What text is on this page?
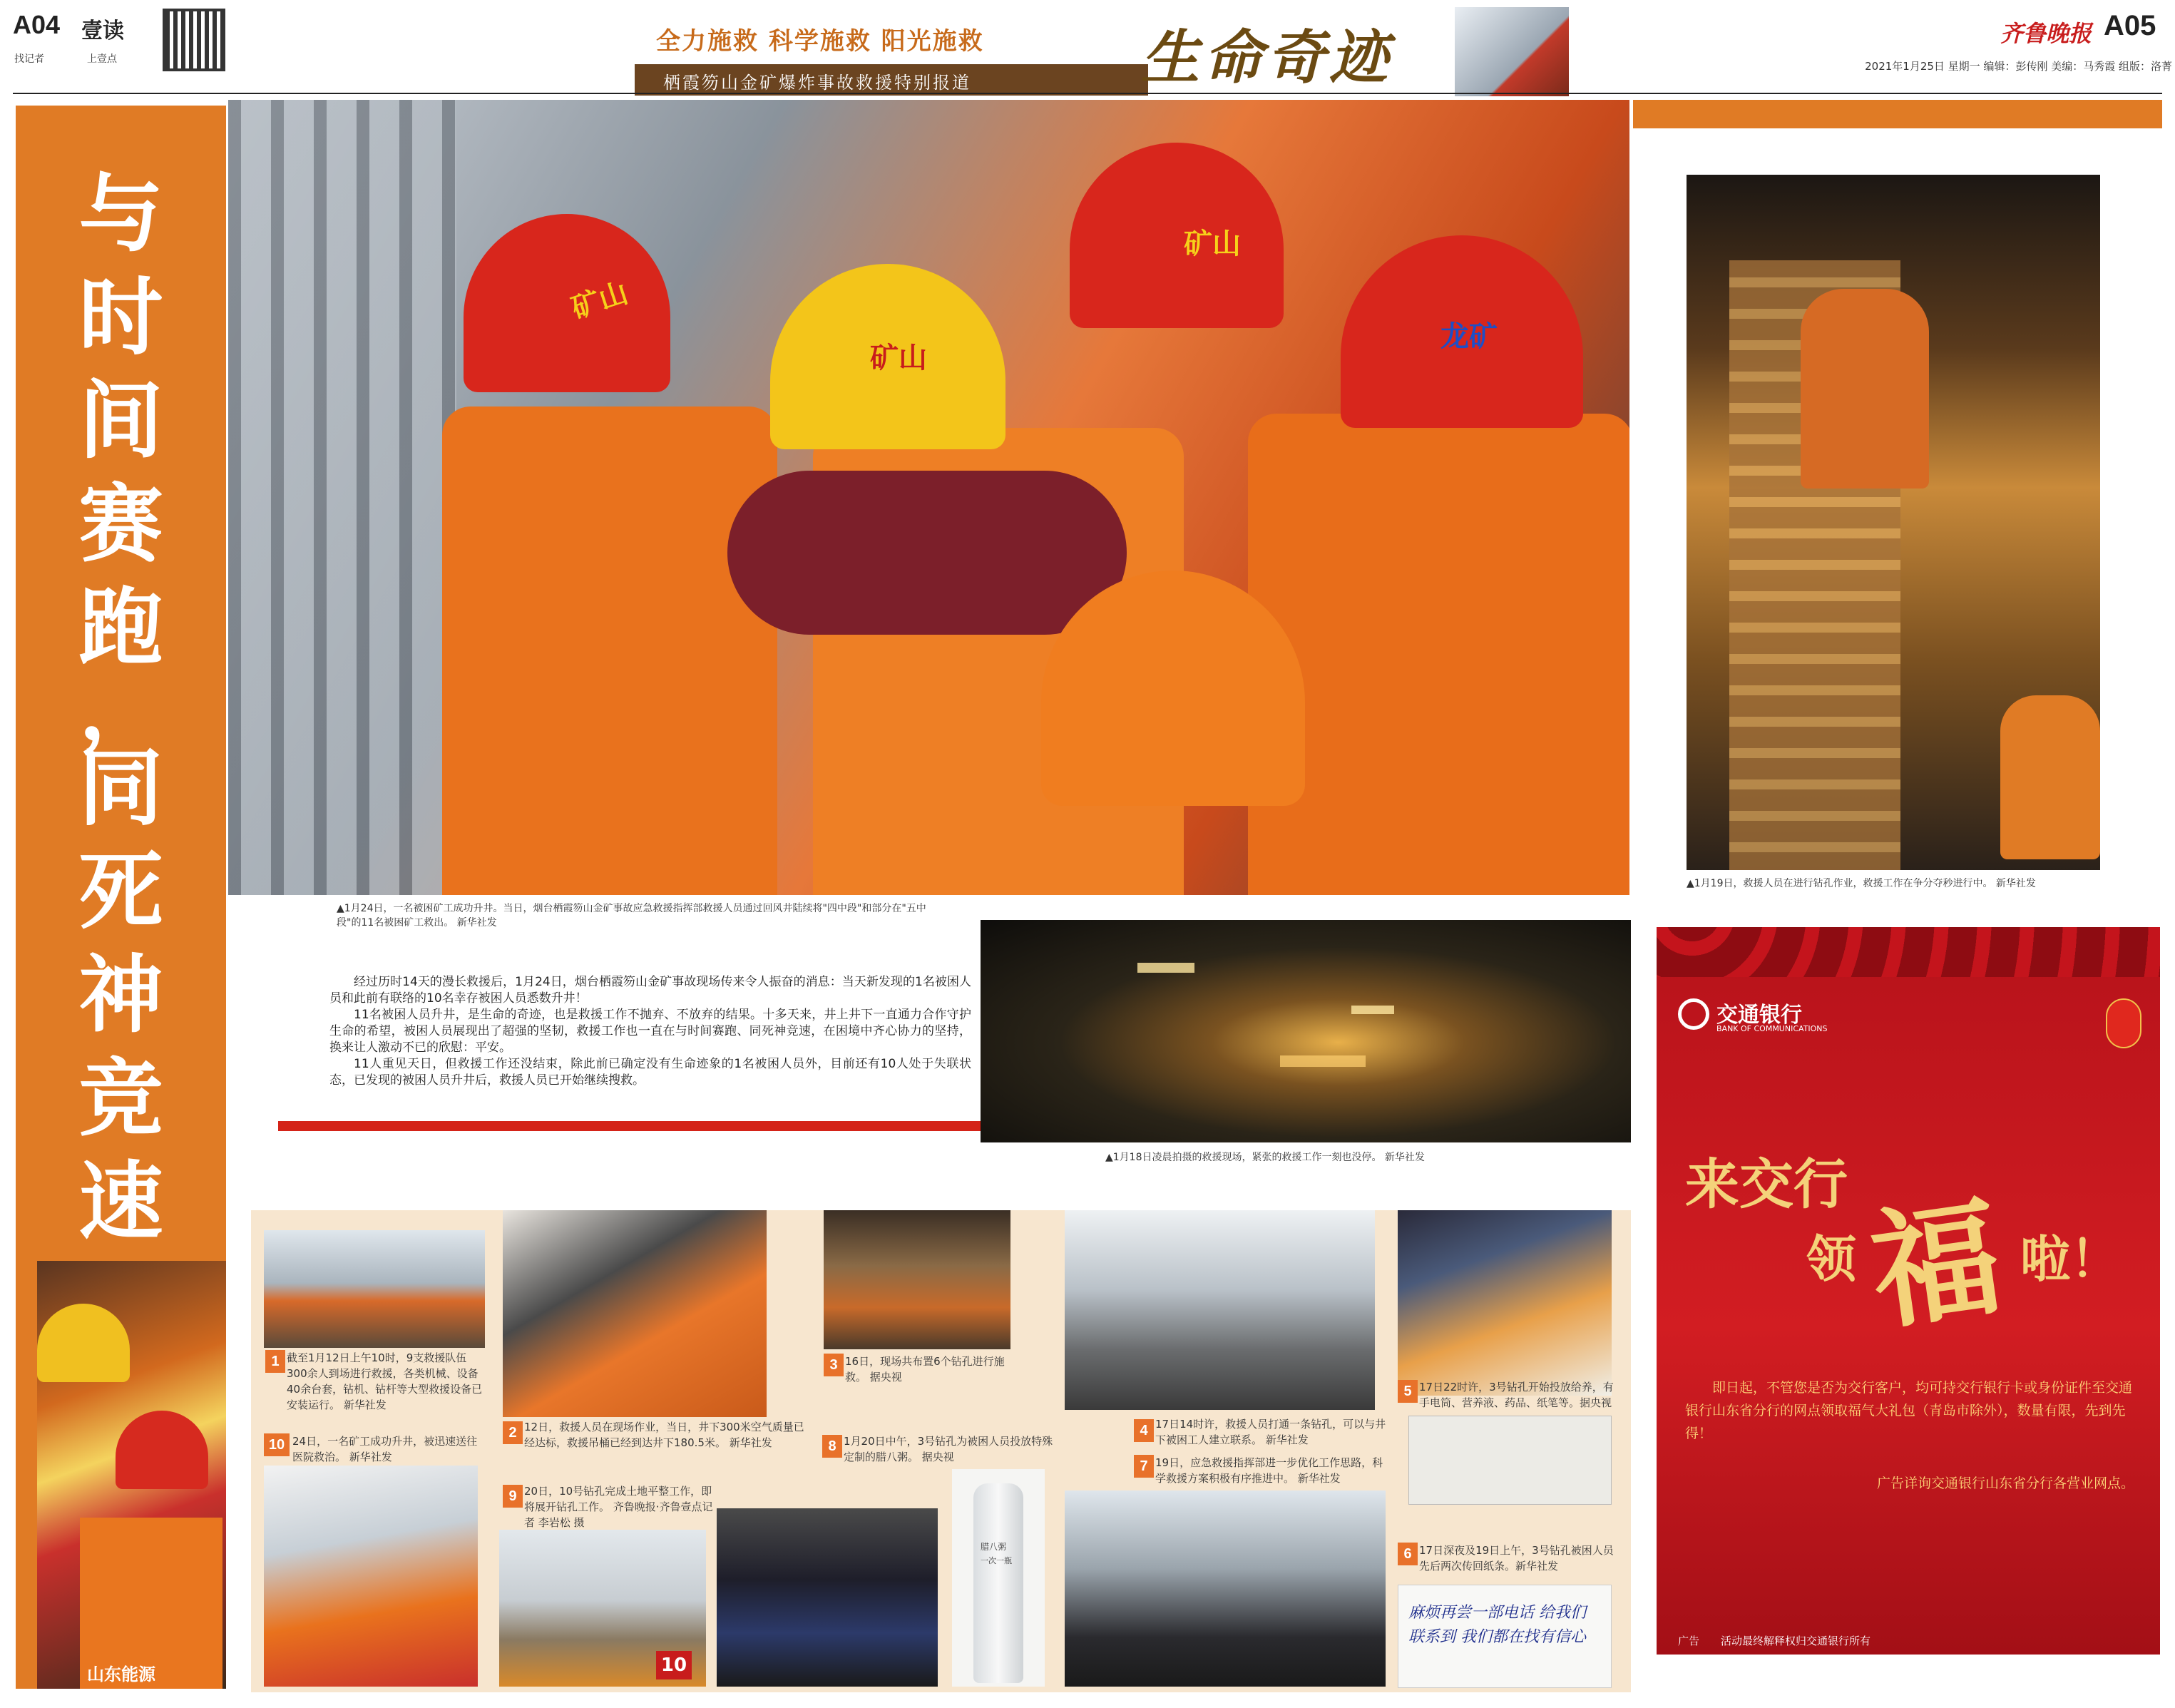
A04 壹读
找记者	上壹点
全力施救 科学施救 阳光施救
栖霞笏山金矿爆炸事故救援特别报道	生命奇迹	齐鲁晚报 A05
2021年1月25日 星期一 编辑：彭传刚 美编：马秀霞 组版：洛菁
与
时
间
赛
跑
，
同
死
神
竞
速
山东能源
矿山
矿山
矿山
龙矿
▲1月24日，一名被困矿工成功升井。当日，烟台栖霞笏山金矿事故应急救援指挥部救援人员通过回风井陆续将"四中段"和部分在"五中段"的11名被困矿工救出。 新华社发

经过历时14天的漫长救援后，1月24日，烟台栖霞笏山金矿事故现场传来令人振奋的消息：当天新发现的1名被困人员和此前有联络的10名幸存被困人员悉数升井！

11名被困人员升井，是生命的奇迹，也是救援工作不抛弃、不放弃的结果。十多天来，井上井下一直通力合作守护生命的希望，被困人员展现出了超强的坚韧，救援工作也一直在与时间赛跑、同死神竞速，在困境中齐心协力的坚持，换来让人激动不已的欣慰：平安。

11人重见天日，但救援工作还没结束，除此前已确定没有生命迹象的1名被困人员外，目前还有10人处于失联状态，已发现的被困人员升井后，救援人员已开始继续搜救。

▲1月18日凌晨拍摄的救援现场，紧张的救援工作一刻也没停。 新华社发
▲1月19日，救援人员在进行钻孔作业，救援工作在争分夺秒进行中。 新华社发
交通银行
BANK OF COMMUNICATIONS
来交行
领 福 啦！
即日起，不管您是否为交行客户，均可持交行银行卡或身份证件至交通银行山东省分行的网点领取福气大礼包（青岛市除外），数量有限，先到先得！
广告详询交通银行山东省分行各营业网点。
广告 活动最终解释权归交通银行所有
10
腊八粥
一次一瓶
麻烦再尝一部电话 给我们联系到 我们都在找有信心
1 截至1月12日上午10时，9支救援队伍300余人到场进行救援，各类机械、设备40余台套，钻机、钻杆等大型救援设备已安装运行。 新华社发
2 12日，救援人员在现场作业，当日，井下300米空气质量已经达标，救援吊桶已经到达井下180.5米。 新华社发
3 16日，现场共布置6个钻孔进行施救。 据央视
4 17日14时许，救援人员打通一条钻孔，可以与井下被困工人建立联系。 新华社发
5 17日22时许，3号钻孔开始投放给养，有手电筒、营养液、药品、纸笔等。据央视
6 17日深夜及19日上午，3号钻孔被困人员先后两次传回纸条。新华社发
7 19日，应急救援指挥部进一步优化工作思路，科学救援方案积极有序推进中。 新华社发
8 1月20日中午，3号钻孔为被困人员投放特殊定制的腊八粥。 据央视
9 20日，10号钻孔完成土地平整工作，即将展开钻孔工作。 齐鲁晚报·齐鲁壹点记者 李岩松 摄
10 24日，一名矿工成功升井，被迅速送往医院救治。 新华社发
